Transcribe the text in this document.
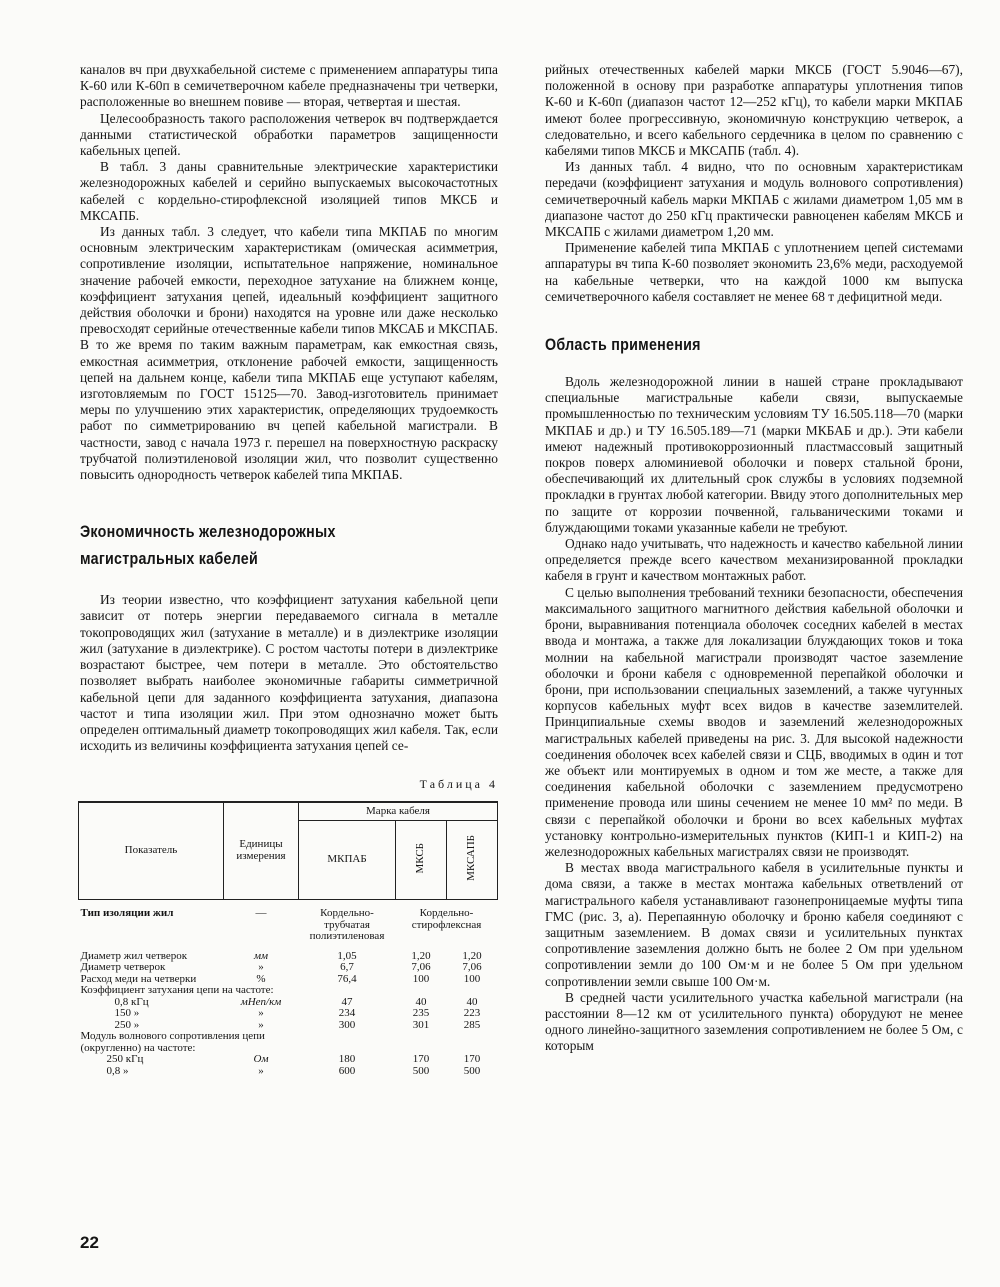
каналов вч при двухкабельной системе с применением аппаратуры типа К-60 или К-60п в семичетверочном кабеле предназначены три четверки, расположенные во внешнем повиве — вторая, четвертая и шестая.

Целесообразность такого расположения четверок вч подтверждается данными статистической обработки параметров защищенности кабельных цепей.

В табл. 3 даны сравнительные электрические характеристики железнодорожных кабелей и серийно выпускаемых высокочастотных кабелей с кордельно-стирофлексной изоляцией типов МКСБ и МКСАПБ.

Из данных табл. 3 следует, что кабели типа МКПАБ по многим основным электрическим характеристикам (омическая асимметрия, сопротивление изоляции, испытательное напряжение, номинальное значение рабочей емкости, переходное затухание на ближнем конце, коэффициент затухания цепей, идеальный коэффициент защитного действия оболочки и брони) находятся на уровне или даже несколько превосходят серийные отечественные кабели типов МКСАБ и МКСПАБ. В то же время по таким важным параметрам, как емкостная связь, емкостная асимметрия, отклонение рабочей емкости, защищенность цепей на дальнем конце, кабели типа МКПАБ еще уступают кабелям, изготовляемым по ГОСТ 15125—70. Завод-изготовитель принимает меры по улучшению этих характеристик, определяющих трудоемкость работ по симметрированию вч цепей кабельной магистрали. В частности, завод с начала 1973 г. перешел на поверхностную раскраску трубчатой полиэтиленовой изоляции жил, что позволит существенно повысить однородность четверок кабелей типа МКПАБ.

Экономичность железнодорожных
магистральных кабелей

Из теории известно, что коэффициент затухания кабельной цепи зависит от потерь энергии передаваемого сигнала в металле токопроводящих жил (затухание в металле) и в диэлектрике изоляции жил (затухание в диэлектрике). С ростом частоты потери в диэлектрике возрастают быстрее, чем потери в металле. Это обстоятельство позволяет выбрать наиболее экономичные габариты симметричной кабельной цепи для заданного коэффициента затухания, диапазона частот и типа изоляции жил. При этом однозначно может быть определен оптимальный диаметр токопроводящих жил кабеля. Так, если исходить из величины коэффициента затухания цепей се-

Таблица 4
Показатель	Единицы измерения	Марка кабеля		
		МКПАБ	МКСБ	МКСАПБ
Тип изоляции жил	—	Кордельно-трубчатая полиэтиленовая	Кордельно-стирофлексная	

Диаметр жил четверок	мм	1,05	1,20	1,20
Диаметр четверок	»	6,7	7,06	7,06
Расход меди на четверки	%	76,4	100	100
Коэффициент затухания цепи на частоте:				
0,8 кГц	мНеп/км	47	40	40
150 »	»	234	235	223
250 »	»	300	301	285
Модуль волнового сопротивления цепи (округленно) на частоте:				
250 кГц	Ом	180	170	170
0,8 »	»	600	500	500

рийных отечественных кабелей марки МКСБ (ГОСТ 5.9046—67), положенной в основу при разработке аппаратуры уплотнения типов К-60 и К-60п (диапазон частот 12—252 кГц), то кабели марки МКПАБ имеют более прогрессивную, экономичную конструкцию четверок, а следовательно, и всего кабельного сердечника в целом по сравнению с кабелями типов МКСБ и МКСАПБ (табл. 4).

Из данных табл. 4 видно, что по основным характеристикам передачи (коэффициент затухания и модуль волнового сопротивления) семичетверочный кабель марки МКПАБ с жилами диаметром 1,05 мм в диапазоне частот до 250 кГц практически равноценен кабелям МКСБ и МКСАПБ с жилами диаметром 1,20 мм.

Применение кабелей типа МКПАБ с уплотнением цепей системами аппаратуры вч типа К-60 позволяет экономить 23,6% меди, расходуемой на кабельные четверки, что на каждой 1000 км выпуска семичетверочного кабеля составляет не менее 68 т дефицитной меди.

Область применения

Вдоль железнодорожной линии в нашей стране прокладывают специальные магистральные кабели связи, выпускаемые промышленностью по техническим условиям ТУ 16.505.118—70 (марки МКПАБ и др.) и ТУ 16.505.189—71 (марки МКБАБ и др.). Эти кабели имеют надежный противокоррозионный пластмассовый защитный покров поверх алюминиевой оболочки и поверх стальной брони, обеспечивающий их длительный срок службы в условиях подземной прокладки в грунтах любой категории. Ввиду этого дополнительных мер по защите от коррозии почвенной, гальваническими токами и блуждающими токами указанные кабели не требуют.

Однако надо учитывать, что надежность и качество кабельной линии определяется прежде всего качеством механизированной прокладки кабеля в грунт и качеством монтажных работ.

С целью выполнения требований техники безопасности, обеспечения максимального защитного магнитного действия кабельной оболочки и брони, выравнивания потенциала оболочек соседних кабелей в местах ввода и монтажа, а также для локализации блуждающих токов и тока молнии на кабельной магистрали производят частое заземление оболочки и брони кабеля с одновременной перепайкой оболочки и брони, при использовании специальных заземлений, а также чугунных корпусов кабельных муфт всех видов в качестве заземлителей. Принципиальные схемы вводов и заземлений железнодорожных магистральных кабелей приведены на рис. 3. Для высокой надежности соединения оболочек всех кабелей связи и СЦБ, вводимых в один и тот же объект или монтируемых в одном и том же месте, а также для соединения кабельной оболочки с заземлением предусмотрено применение провода или шины сечением не менее 10 мм² по меди. В связи с перепайкой оболочки и брони во всех кабельных муфтах установку контрольно-измерительных пунктов (КИП-1 и КИП-2) на железнодорожных кабельных магистралях связи не производят.

В местах ввода магистрального кабеля в усилительные пункты и дома связи, а также в местах монтажа кабельных ответвлений от магистрального кабеля устанавливают газонепроницаемые муфты типа ГМС (рис. 3, а). Перепаянную оболочку и броню кабеля соединяют с защитным заземлением. В домах связи и усилительных пунктах сопротивление заземления должно быть не более 2 Ом при удельном сопротивлении земли до 100 Ом·м и не более 5 Ом при удельном сопротивлении земли свыше 100 Ом·м.

В средней части усилительного участка кабельной магистрали (на расстоянии 8—12 км от усилительного пункта) оборудуют не менее одного линейно-защитного заземления сопротивлением не более 5 Ом, с которым

22
